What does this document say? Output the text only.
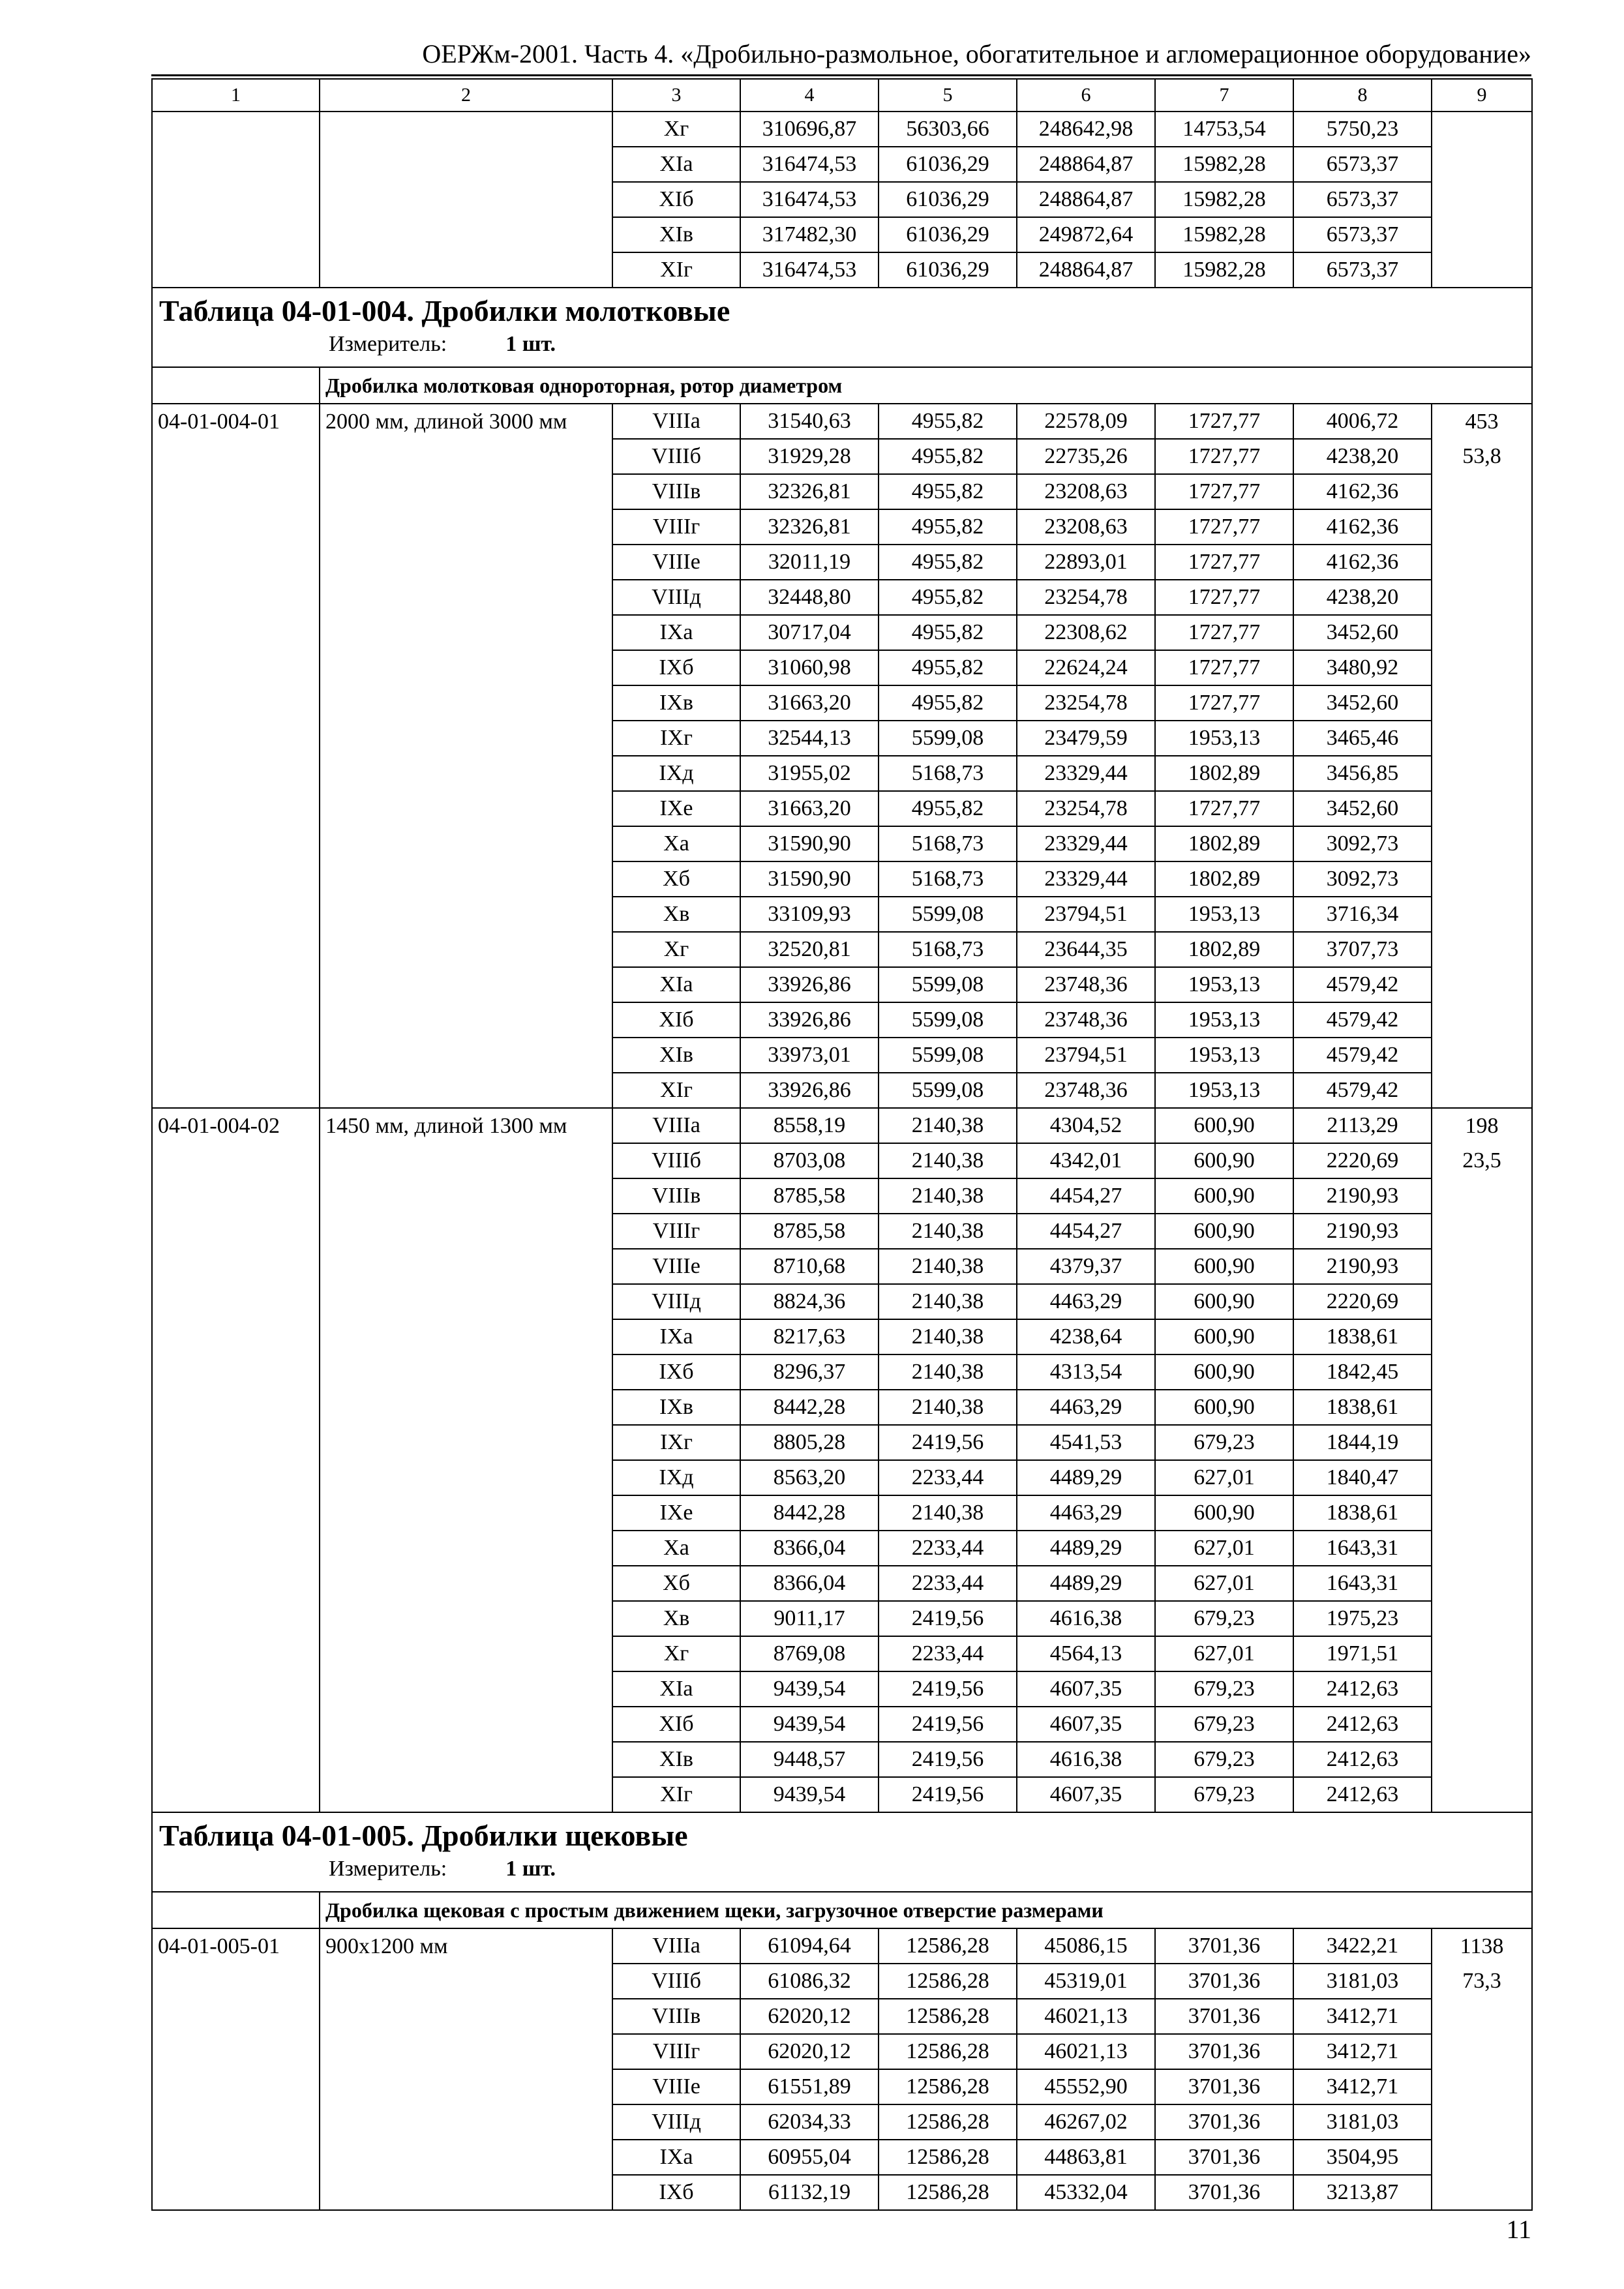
ОЕРЖм-2001. Часть 4. «Дробильно-размольное, обогатительное и агломерационное оборудование»
1	2	3	4	5	6	7	8	9
		Xг	310696,87	56303,66	248642,98	14753,54	5750,23	
		XIа	316474,53	61036,29	248864,87	15982,28	6573,37	
		XIб	316474,53	61036,29	248864,87	15982,28	6573,37	
		XIв	317482,30	61036,29	249872,64	15982,28	6573,37	
		XIг	316474,53	61036,29	248864,87	15982,28	6573,37	

Таблица 04-01-004. Дробилки молотковые
Измеритель: 1 шт.								

	Дробилка молотковая однороторная, ротор диаметром							
04-01-004-01	2000 мм, длиной 3000 мм	VIIIа	31540,63	4955,82	22578,09	1727,77	4006,72	453
		VIIIб	31929,28	4955,82	22735,26	1727,77	4238,20	53,8
		VIIIв	32326,81	4955,82	23208,63	1727,77	4162,36	
		VIIIг	32326,81	4955,82	23208,63	1727,77	4162,36	
		VIIIе	32011,19	4955,82	22893,01	1727,77	4162,36	
		VIIIд	32448,80	4955,82	23254,78	1727,77	4238,20	
		IXа	30717,04	4955,82	22308,62	1727,77	3452,60	
		IXб	31060,98	4955,82	22624,24	1727,77	3480,92	
		IXв	31663,20	4955,82	23254,78	1727,77	3452,60	
		IXг	32544,13	5599,08	23479,59	1953,13	3465,46	
		IXд	31955,02	5168,73	23329,44	1802,89	3456,85	
		IXе	31663,20	4955,82	23254,78	1727,77	3452,60	
		Xа	31590,90	5168,73	23329,44	1802,89	3092,73	
		Xб	31590,90	5168,73	23329,44	1802,89	3092,73	
		Xв	33109,93	5599,08	23794,51	1953,13	3716,34	
		Xг	32520,81	5168,73	23644,35	1802,89	3707,73	
		XIа	33926,86	5599,08	23748,36	1953,13	4579,42	
		XIб	33926,86	5599,08	23748,36	1953,13	4579,42	
		XIв	33973,01	5599,08	23794,51	1953,13	4579,42	
		XIг	33926,86	5599,08	23748,36	1953,13	4579,42	
04-01-004-02	1450 мм, длиной 1300 мм	VIIIа	8558,19	2140,38	4304,52	600,90	2113,29	198
		VIIIб	8703,08	2140,38	4342,01	600,90	2220,69	23,5
		VIIIв	8785,58	2140,38	4454,27	600,90	2190,93	
		VIIIг	8785,58	2140,38	4454,27	600,90	2190,93	
		VIIIе	8710,68	2140,38	4379,37	600,90	2190,93	
		VIIIд	8824,36	2140,38	4463,29	600,90	2220,69	
		IXа	8217,63	2140,38	4238,64	600,90	1838,61	
		IXб	8296,37	2140,38	4313,54	600,90	1842,45	
		IXв	8442,28	2140,38	4463,29	600,90	1838,61	
		IXг	8805,28	2419,56	4541,53	679,23	1844,19	
		IXд	8563,20	2233,44	4489,29	627,01	1840,47	
		IXе	8442,28	2140,38	4463,29	600,90	1838,61	
		Xа	8366,04	2233,44	4489,29	627,01	1643,31	
		Xб	8366,04	2233,44	4489,29	627,01	1643,31	
		Xв	9011,17	2419,56	4616,38	679,23	1975,23	
		Xг	8769,08	2233,44	4564,13	627,01	1971,51	
		XIа	9439,54	2419,56	4607,35	679,23	2412,63	
		XIб	9439,54	2419,56	4607,35	679,23	2412,63	
		XIв	9448,57	2419,56	4616,38	679,23	2412,63	
		XIг	9439,54	2419,56	4607,35	679,23	2412,63	

Таблица 04-01-005. Дробилки щековые
Измеритель: 1 шт.								

	Дробилка щековая с простым движением щеки, загрузочное отверстие размерами							
04-01-005-01	900x1200 мм	VIIIа	61094,64	12586,28	45086,15	3701,36	3422,21	1138
		VIIIб	61086,32	12586,28	45319,01	3701,36	3181,03	73,3
		VIIIв	62020,12	12586,28	46021,13	3701,36	3412,71	
		VIIIг	62020,12	12586,28	46021,13	3701,36	3412,71	
		VIIIе	61551,89	12586,28	45552,90	3701,36	3412,71	
		VIIIд	62034,33	12586,28	46267,02	3701,36	3181,03	
		IXа	60955,04	12586,28	44863,81	3701,36	3504,95	
		IXб	61132,19	12586,28	45332,04	3701,36	3213,87	
11
